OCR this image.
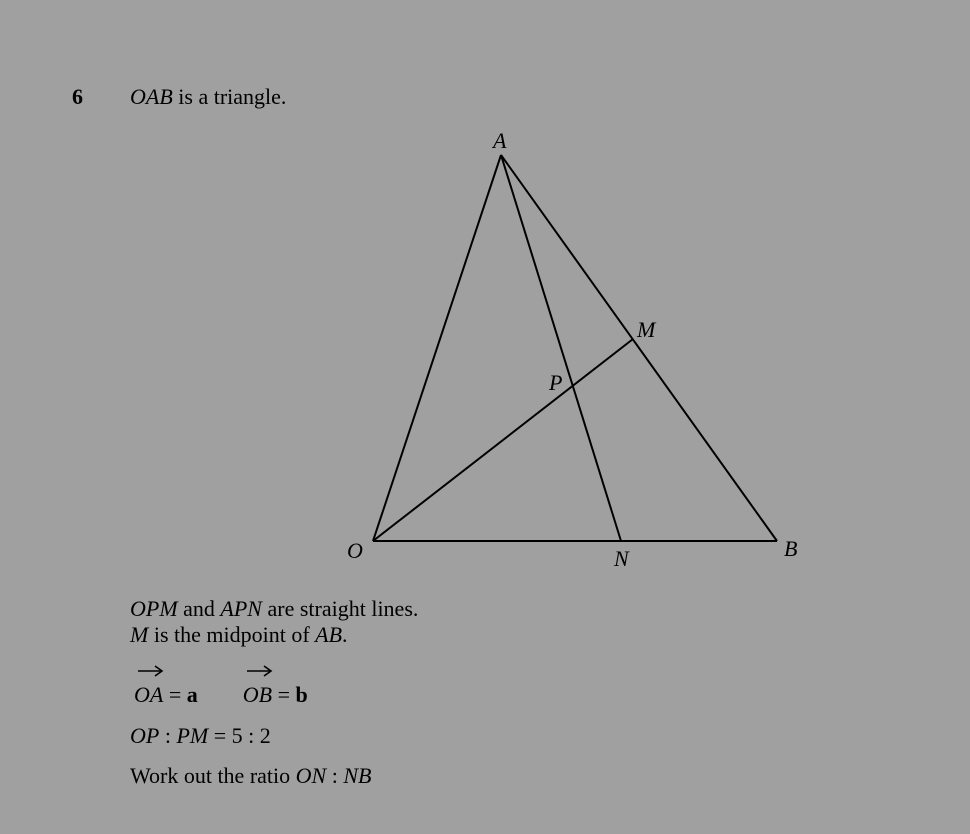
6 OAB is a triangle.
A
M
P
O	N	B
OPM and APN are straight lines.
M is the midpoint of AB.
OA = a OB = b
OP : PM = 5 : 2
Work out the ratio ON : NB
